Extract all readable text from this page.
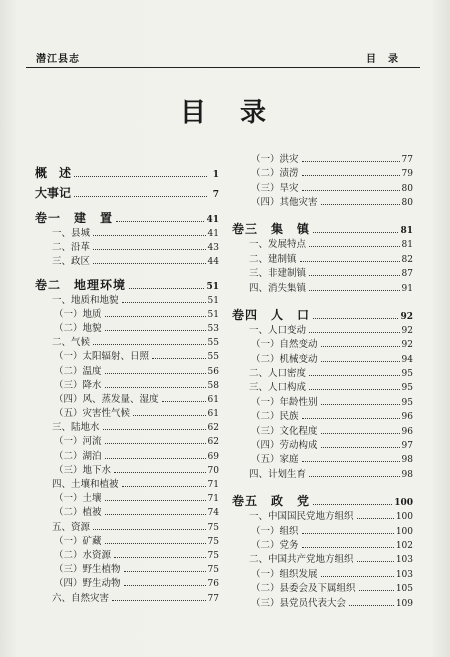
潜江县志	目　录
目　录
概　述	1
大事记	7
卷一　建　置	41
一、县城	41
二、沿革	43
三、政区	44
卷二　地理环境	51
一、地质和地貌	51
（一）地质	51
（二）地貌	53
二、气候	55
（一）太阳辐射、日照	55
（二）温度	56
（三）降水	58
（四）风、蒸发量、湿度	61
（五）灾害性气候	61
三、陆地水	62
（一）河流	62
（二）湖泊	69
（三）地下水	70
四、土壤和植被	71
（一）土壤	71
（二）植被	74
五、资源	75
（一）矿藏	75
（二）水资源	75
（三）野生植物	75
（四）野生动物	76
六、自然灾害	77
（一）洪灾	77
（二）渍涝	79
（三）旱灾	80
（四）其他灾害	80
卷三　集　镇	81
一、发展特点	81
二、建制镇	82
三、非建制镇	87
四、消失集镇	91
卷四　人　口	92
一、人口变动	92
（一）自然变动	92
（二）机械变动	94
二、人口密度	95
三、人口构成	95
（一）年龄性别	95
（二）民族	96
（三）文化程度	96
（四）劳动构成	97
（五）家庭	98
四、计划生育	98
卷五　政　党	100
一、中国国民党地方组织	100
（一）组织	100
（二）党务	102
二、中国共产党地方组织	103
（一）组织发展	103
（二）县委会及下属组织	105
（三）县党员代表大会	109
